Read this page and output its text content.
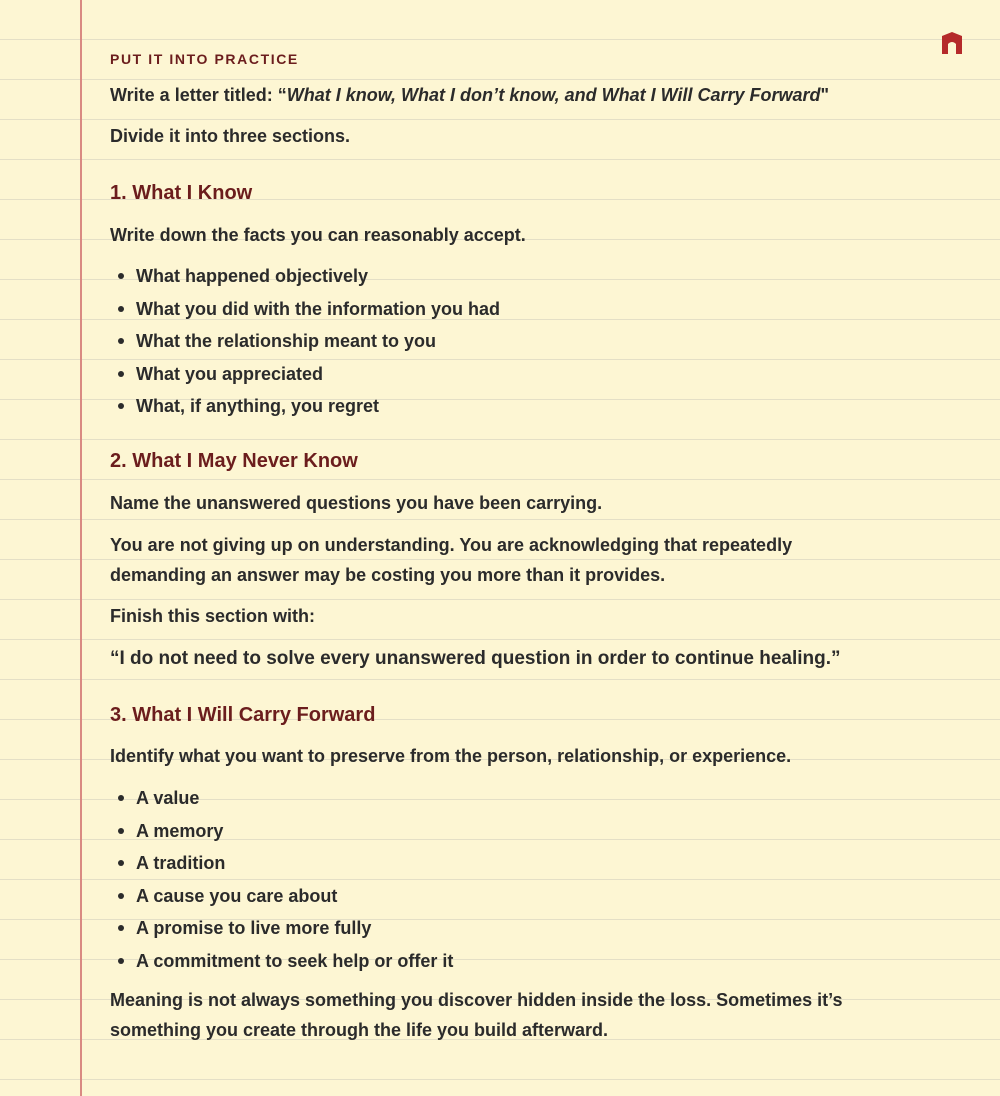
PUT IT INTO PRACTICE

Write a letter titled: “What I know, What I don’t know, and What I Will Carry Forward"

Divide it into three sections.

1. What I Know

Write down the facts you can reasonably accept.

What happened objectively
What you did with the information you had
What the relationship meant to you
What you appreciated
What, if anything, you regret
2. What I May Never Know

Name the unanswered questions you have been carrying.

You are not giving up on understanding. You are acknowledging that repeatedly

demanding an answer may be costing you more than it provides.

Finish this section with:

“I do not need to solve every unanswered question in order to continue healing.”

3. What I Will Carry Forward

Identify what you want to preserve from the person, relationship, or experience.

A value
A memory
A tradition
A cause you care about
A promise to live more fully
A commitment to seek help or offer it

Meaning is not always something you discover hidden inside the loss. Sometimes it’s

something you create through the life you build afterward.
